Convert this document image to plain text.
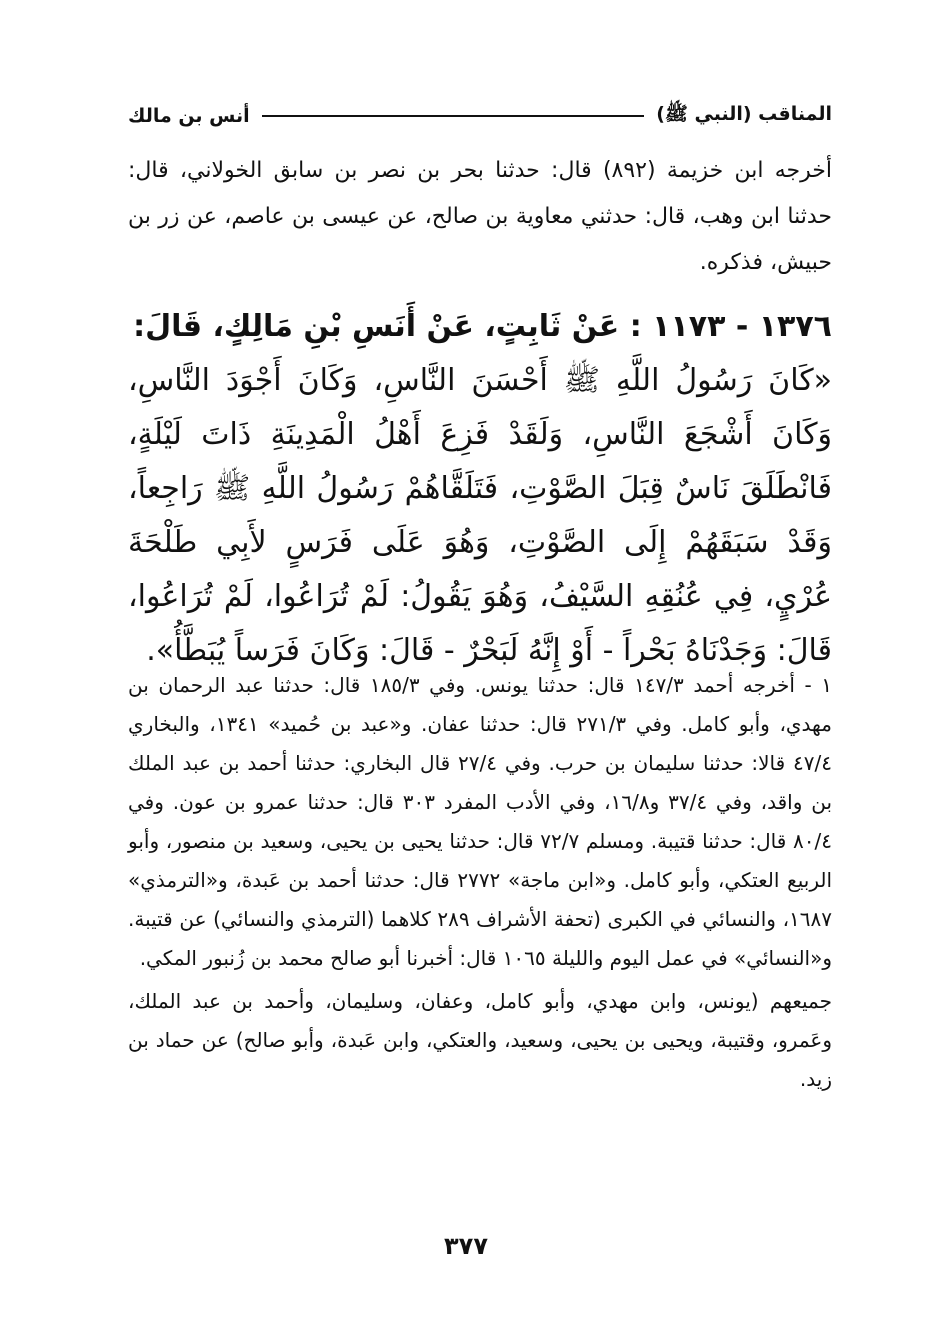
المناقب (النبي ﷺ)
أنس بن مالك

أخرجه ابن خزيمة (٨٩٢) قال: حدثنا بحر بن نصر بن سابق الخولاني، قال: حدثنا ابن وهب، قال: حدثني معاوية بن صالح، عن عيسى بن عاصم، عن زر بن حبيش، فذكره.

١٣٧٦ - ١١٧٣ : عَنْ ثَابِتٍ، عَنْ أَنَسِ بْنِ مَالِكٍ، قَالَ:

«كَانَ رَسُولُ اللَّهِ ﷺ أَحْسَنَ النَّاسِ، وَكَانَ أَجْوَدَ النَّاسِ، وَكَانَ أَشْجَعَ النَّاسِ، وَلَقَدْ فَزِعَ أَهْلُ الْمَدِينَةِ ذَاتَ لَيْلَةٍ، فَانْطَلَقَ نَاسٌ قِبَلَ الصَّوْتِ، فَتَلَقَّاهُمْ رَسُولُ اللَّهِ ﷺ رَاجِعاً، وَقَدْ سَبَقَهُمْ إِلَى الصَّوْتِ، وَهُوَ عَلَى فَرَسٍ لأَبِي طَلْحَةَ عُرْيٍ، فِي عُنُقِهِ السَّيْفُ، وَهُوَ يَقُولُ: لَمْ تُرَاعُوا، لَمْ تُرَاعُوا، قَالَ: وَجَدْنَاهُ بَحْراً - أَوْ إِنَّهُ لَبَحْرٌ - قَالَ: وَكَانَ فَرَساً يُبَطَّأُ».

١ - أخرجه أحمد ١٤٧/٣ قال: حدثنا يونس. وفي ١٨٥/٣ قال: حدثنا عبد الرحمان بن مهدي، وأبو كامل. وفي ٢٧١/٣ قال: حدثنا عفان. و«عبد بن حُميد» ١٣٤١، والبخاري ٤٧/٤ قالا: حدثنا سليمان بن حرب. وفي ٢٧/٤ قال البخاري: حدثنا أحمد بن عبد الملك بن واقد، وفي ٣٧/٤ و١٦/٨، وفي الأدب المفرد ٣٠٣ قال: حدثنا عمرو بن عون. وفي ٨٠/٤ قال: حدثنا قتيبة. ومسلم ٧٢/٧ قال: حدثنا يحيى بن يحيى، وسعيد بن منصور، وأبو الربيع العتكي، وأبو كامل. و«ابن ماجة» ٢٧٧٢ قال: حدثنا أحمد بن عَبدة، و«الترمذي» ١٦٨٧، والنسائي في الكبرى (تحفة الأشراف ٢٨٩ كلاهما (الترمذي والنسائي) عن قتيبة. و«النسائي» في عمل اليوم والليلة ١٠٦٥ قال: أخبرنا أبو صالح محمد بن زُنبور المكي.

جميعهم (يونس، وابن مهدي، وأبو كامل، وعفان، وسليمان، وأحمد بن عبد الملك، وعَمرو، وقتيبة، ويحيى بن يحيى، وسعيد، والعتكي، وابن عَبدة، وأبو صالح) عن حماد بن زيد.

٣٧٧
